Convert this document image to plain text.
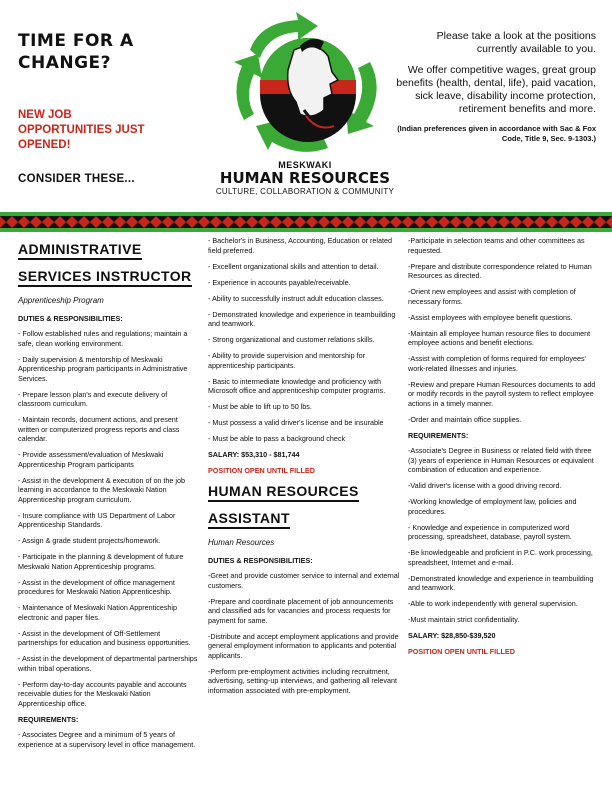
TIME FOR A

CHANGE?

NEW JOB
OPPORTUNITIES JUST
OPENED!
CONSIDER THESE...
MESKWAKI
HUMAN RESOURCES
CULTURE, COLLABORATION & COMMUNITY

Please take a look at the positions currently available to you.

We offer competitive wages, great group benefits (health, dental, life), paid vacation, sick leave, disability income protection, retirement benefits and more.

(Indian preferences given in accordance with Sac & Fox Code, Title 9, Sec. 9-1303.)

ADMINISTRATIVE

SERVICES INSTRUCTOR

Apprenticeship Program
DUTIES & RESPONSIBILITIES:

- Follow established rules and regulations; maintain a safe, clean working environment.

- Daily supervision & mentorship of Meskwaki Apprenticeship program participants in Administrative Services.

- Prepare lesson plan's and execute delivery of classroom curriculum.

- Maintain records, document actions, and present written or computerized progress reports and class calendar.

- Provide assessment/evaluation of Meskwaki Apprenticeship Program participants

- Assist in the development & execution of on the job learning in accordance to the Meskwaki Nation Apprenticeship program curriculum.

- Insure compliance with US Department of Labor Apprenticeship Standards.

- Assign & grade student projects/homework.

- Participate in the planning & development of future Meskwaki Nation Apprenticeship programs.

- Assist in the development of office management procedures for Meskwaki Nation Apprenticeship.

- Maintenance of Meskwaki Nation Apprenticeship electronic and paper files.

- Assist in the development of Off-Settlement partnerships for education and business opportunities.

- Assist in the development of departmental partnerships within tribal operations.

- Perform day-to-day accounts payable and accounts receivable duties for the Meskwaki Nation Apprenticeship office.

REQUIREMENTS:

- Associates Degree and a minimum of 5 years of experience at a supervisory level in office management.

- Bachelor's in Business, Accounting, Education or related field preferred.

- Excellent organizational skills and attention to detail.

- Experience in accounts payable/receivable.

- Ability to successfully instruct adult education classes.

- Demonstrated knowledge and experience in teambuilding and teamwork.

- Strong organizational and customer relations skills.

- Ability to provide supervision and mentorship for apprenticeship participants.

- Basic to intermediate knowledge and proficiency with Microsoft office and apprenticeship computer programs.

- Must be able to lift up to 50 lbs.

- Must possess a valid driver's license and be insurable

- Must be able to pass a background check

SALARY: $53,310 - $81,744

POSITION OPEN UNTIL FILLED

HUMAN RESOURCES

ASSISTANT

Human Resources
DUTIES & RESPONSIBILITIES:

-Greet and provide customer service to internal and external customers.

-Prepare and coordinate placement of job announcements and classified ads for vacancies and process requests for payment for same.

-Distribute and accept employment applications and provide general employment information to applicants and potential applicants.

-Perform pre-employment activities including recruitment, advertising, setting-up interviews, and gathering all relevant information associated with pre-employment.

-Participate in selection teams and other committees as requested.

-Prepare and distribute correspondence related to Human Resources as directed.

-Orient new employees and assist with completion of necessary forms.

-Assist employees with employee benefit questions.

-Maintain all employee human resource files to document employee actions and benefit elections.

-Assist with completion of forms required for employees' work-related illnesses and injuries.

-Review and prepare Human Resources documents to add or modify records in the payroll system to reflect employee actions in a timely manner.

-Order and maintain office supplies.

REQUIREMENTS:

-Associate's Degree in Business or related field with three (3) years of experience in Human Resources or equivalent combination of education and experience.

-Valid driver's license with a good driving record.

-Working knowledge of employment law, policies and procedures.

- Knowledge and experience in computerized word processing, spreadsheet, database, payroll system.

-Be knowledgeable and proficient in P.C. work processing, spreadsheet, Internet and e-mail.

-Demonstrated knowledge and experience in teambuilding and teamwork.

-Able to work independently with general supervision.

-Must maintain strict confidentiality.

SALARY: $28,850-$39,520

POSITION OPEN UNTIL FILLED
